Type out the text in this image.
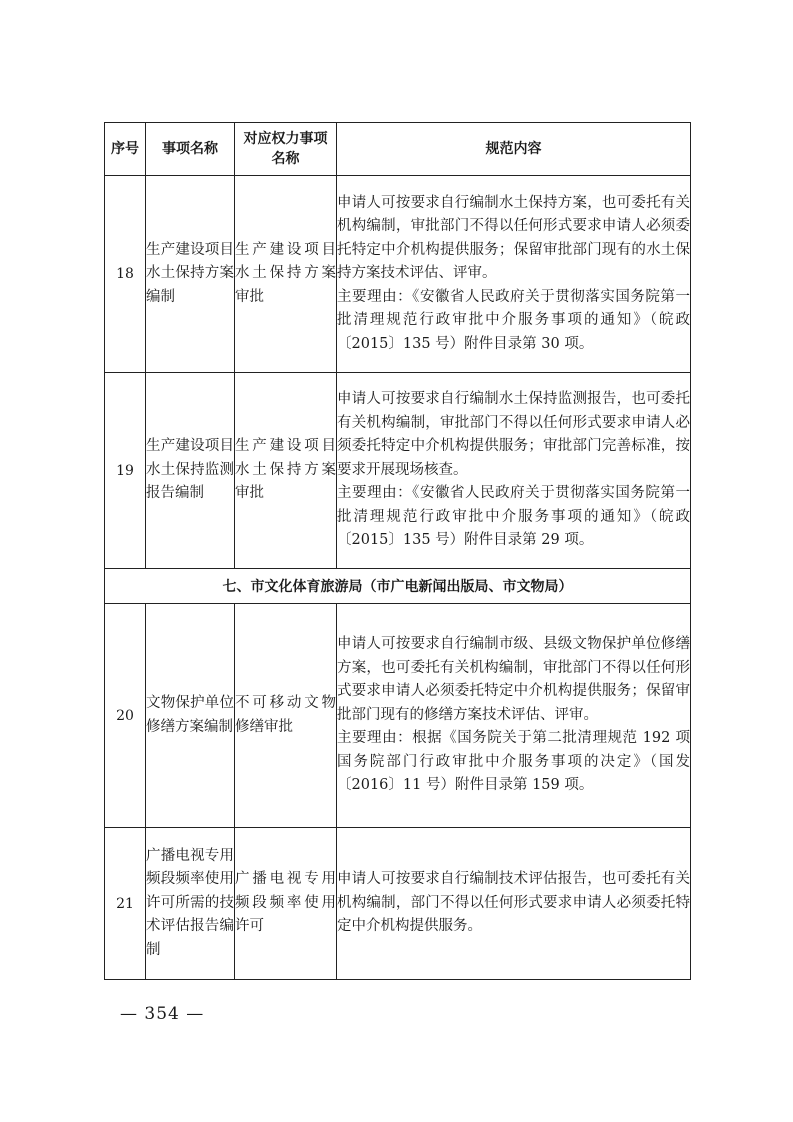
序号	事项名称	对应权力事项名称	规范内容
18	生产建设项目水土保持方案编制	生产建设项目水土保持方案审批	申请人可按要求自行编制水土保持方案，也可委托有关机构编制，审批部门不得以任何形式要求申请人必须委托特定中介机构提供服务；保留审批部门现有的水土保持方案技术评估、评审。

主要理由：《安徽省人民政府关于贯彻落实国务院第一批清理规范行政审批中介服务事项的通知》（皖政〔2015〕135 号）附件目录第 30 项。

19	生产建设项目水土保持监测报告编制	生产建设项目水土保持方案审批	申请人可按要求自行编制水土保持监测报告，也可委托有关机构编制，审批部门不得以任何形式要求申请人必须委托特定中介机构提供服务；审批部门完善标准，按要求开展现场核查。

主要理由：《安徽省人民政府关于贯彻落实国务院第一批清理规范行政审批中介服务事项的通知》（皖政〔2015〕135 号）附件目录第 29 项。

七、市文化体育旅游局（市广电新闻出版局、市文物局）			
20	文物保护单位修缮方案编制	不可移动文物修缮审批	申请人可按要求自行编制市级、县级文物保护单位修缮方案，也可委托有关机构编制，审批部门不得以任何形式要求申请人必须委托特定中介机构提供服务；保留审批部门现有的修缮方案技术评估、评审。

主要理由：根据《国务院关于第二批清理规范 192 项国务院部门行政审批中介服务事项的决定》（国发〔2016〕11 号）附件目录第 159 项。

21	广播电视专用频段频率使用许可所需的技术评估报告编制	广播电视专用频段频率使用许可	申请人可按要求自行编制技术评估报告，也可委托有关机构编制，部门不得以任何形式要求申请人必须委托特定中介机构提供服务。

— 354 —
